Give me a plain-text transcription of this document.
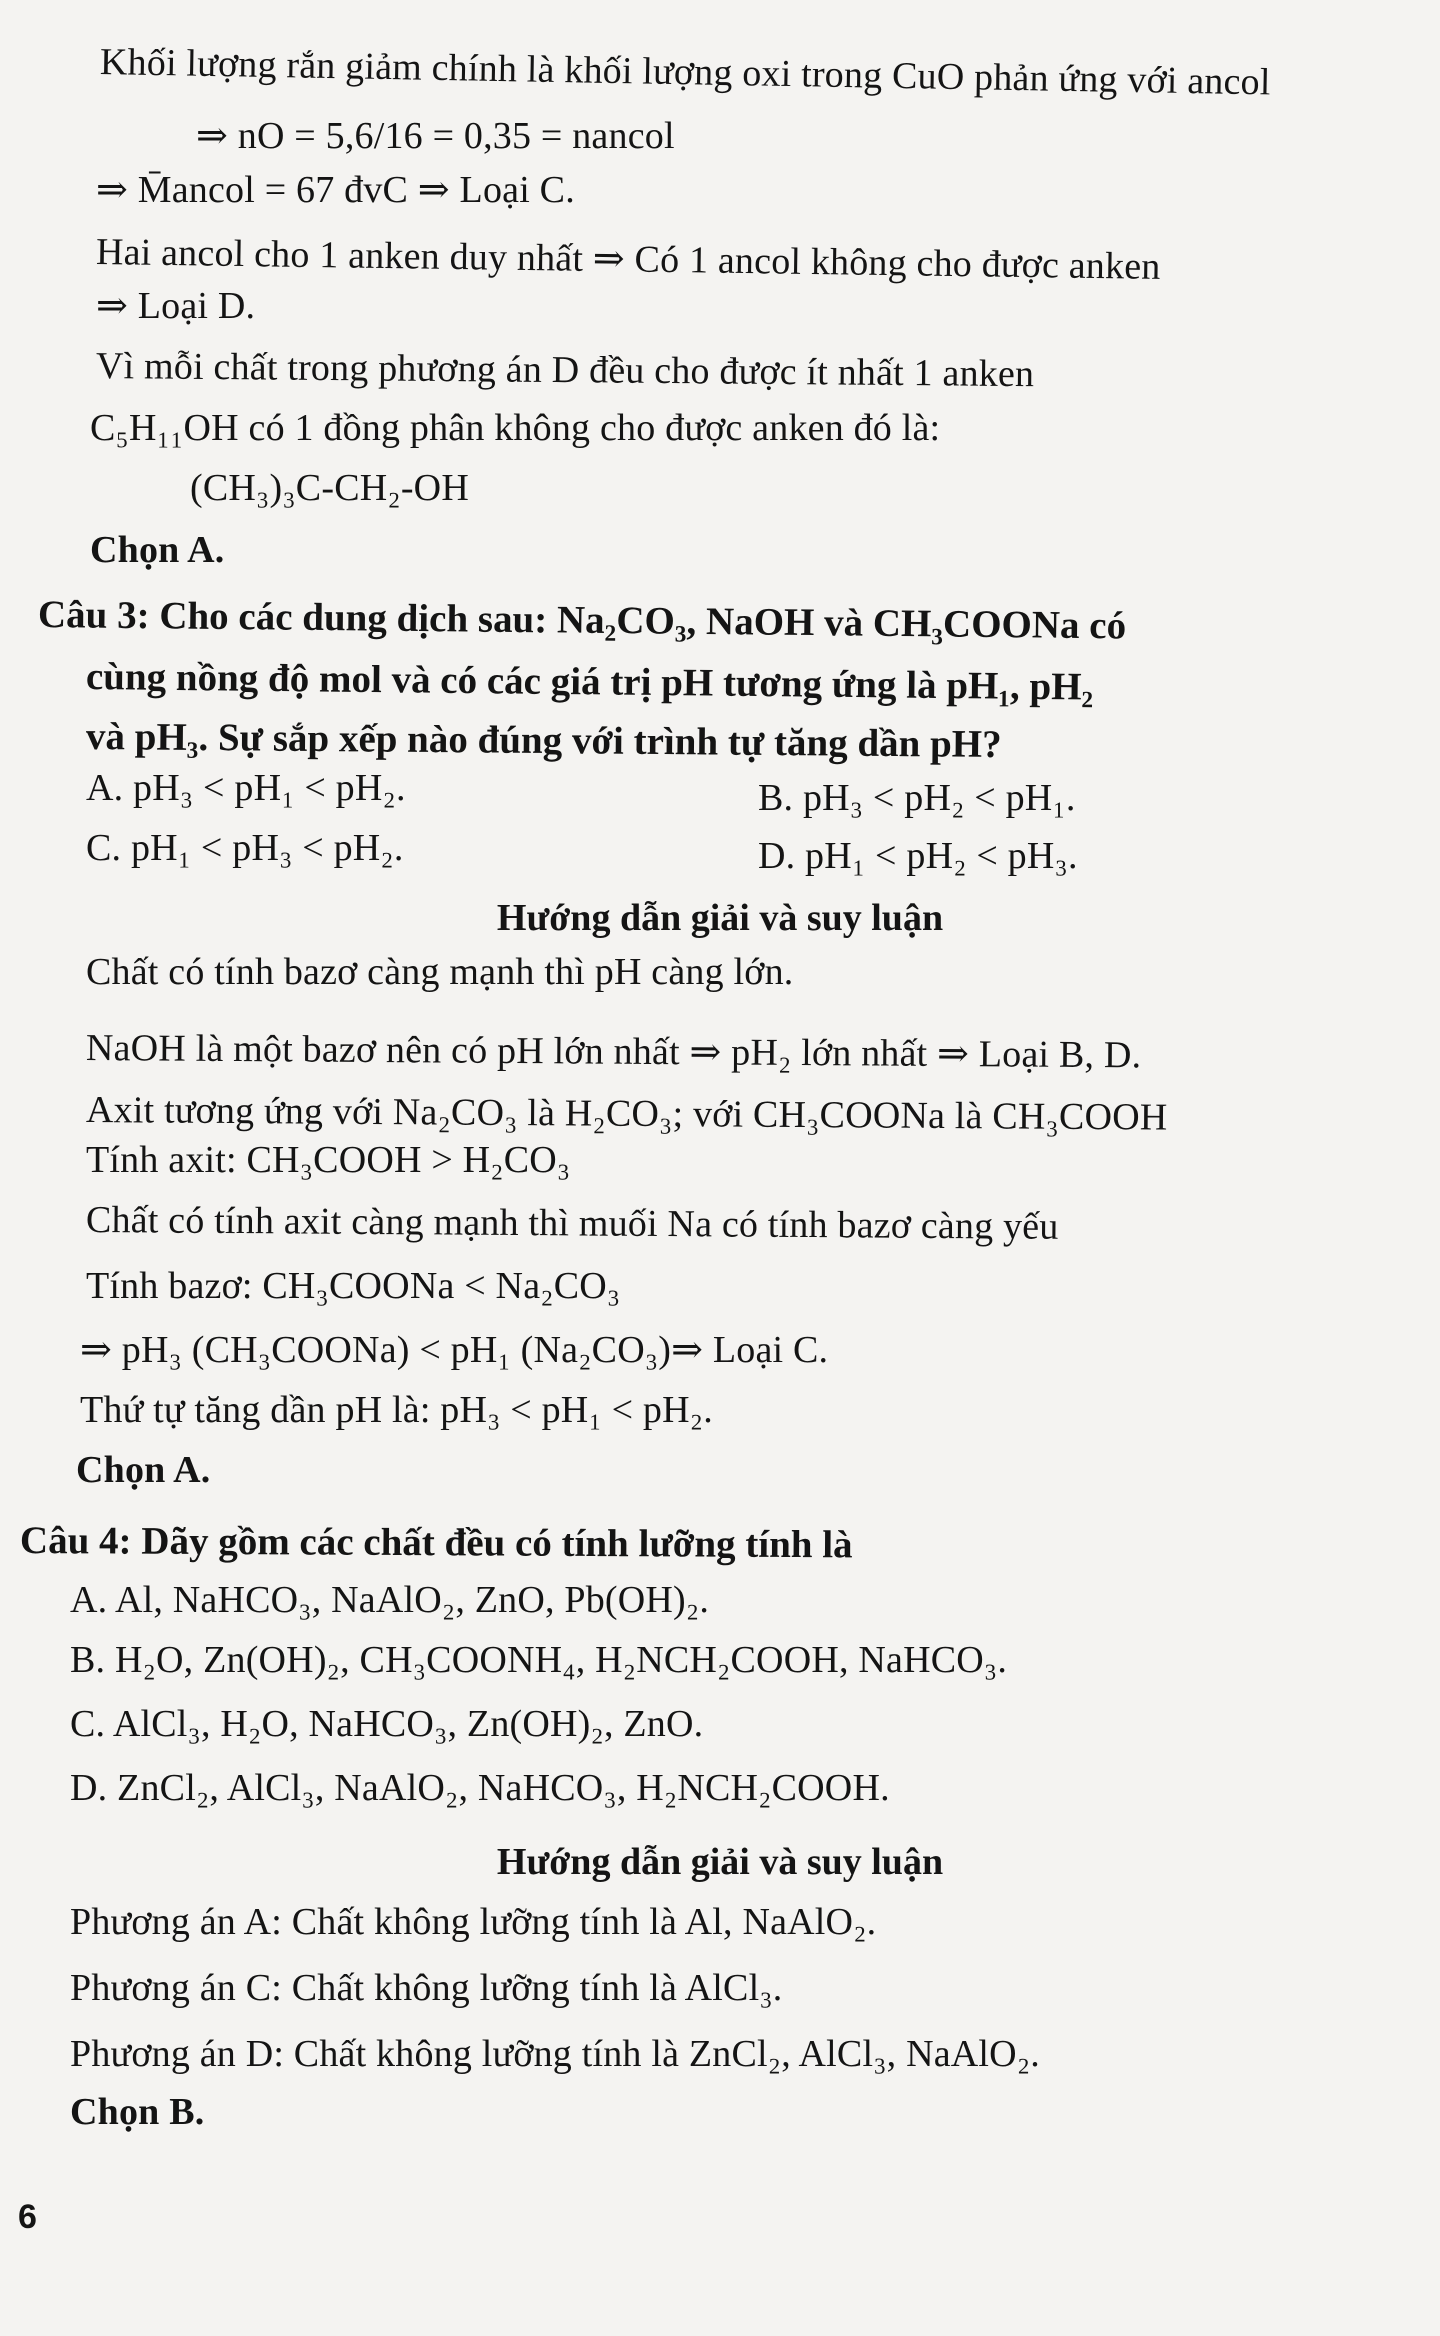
Khối lượng rắn giảm chính là khối lượng oxi trong CuO phản ứng với ancol
⇒ nO = 5,6/16 = 0,35 = nancol
⇒ M̄ancol = 67 đvC ⇒ Loại C.
Hai ancol cho 1 anken duy nhất ⇒ Có 1 ancol không cho được anken
⇒ Loại D.
Vì mỗi chất trong phương án D đều cho được ít nhất 1 anken
C₅H₁₁OH có 1 đồng phân không cho được anken đó là:
(CH₃)₃C-CH₂-OH
Chọn A.
Câu 3: Cho các dung dịch sau: Na₂CO₃, NaOH và CH₃COONa có
cùng nồng độ mol và có các giá trị pH tương ứng là pH₁, pH₂
và pH₃. Sự sắp xếp nào đúng với trình tự tăng dần pH?
A. pH₃ < pH₁ < pH₂.	B. pH₃ < pH₂ < pH₁.
C. pH₁ < pH₃ < pH₂.	D. pH₁ < pH₂ < pH₃.
Hướng dẫn giải và suy luận
Chất có tính bazơ càng mạnh thì pH càng lớn.
NaOH là một bazơ nên có pH lớn nhất ⇒ pH₂ lớn nhất ⇒ Loại B, D.
Axit tương ứng với Na₂CO₃ là H₂CO₃; với CH₃COONa là CH₃COOH
Tính axit: CH₃COOH > H₂CO₃
Chất có tính axit càng mạnh thì muối Na có tính bazơ càng yếu
Tính bazơ: CH₃COONa < Na₂CO₃
⇒ pH₃ (CH₃COONa) < pH₁ (Na₂CO₃)⇒ Loại C.
Thứ tự tăng dần pH là: pH₃ < pH₁ < pH₂.
Chọn A.
Câu 4: Dãy gồm các chất đều có tính lưỡng tính là
A. Al, NaHCO₃, NaAlO₂, ZnO, Pb(OH)₂.
B. H₂O, Zn(OH)₂, CH₃COONH₄, H₂NCH₂COOH, NaHCO₃.
C. AlCl₃, H₂O, NaHCO₃, Zn(OH)₂, ZnO.
D. ZnCl₂, AlCl₃, NaAlO₂, NaHCO₃, H₂NCH₂COOH.
Hướng dẫn giải và suy luận
Phương án A: Chất không lưỡng tính là Al, NaAlO₂.
Phương án C: Chất không lưỡng tính là AlCl₃.
Phương án D: Chất không lưỡng tính là ZnCl₂, AlCl₃, NaAlO₂.
Chọn B.
6
